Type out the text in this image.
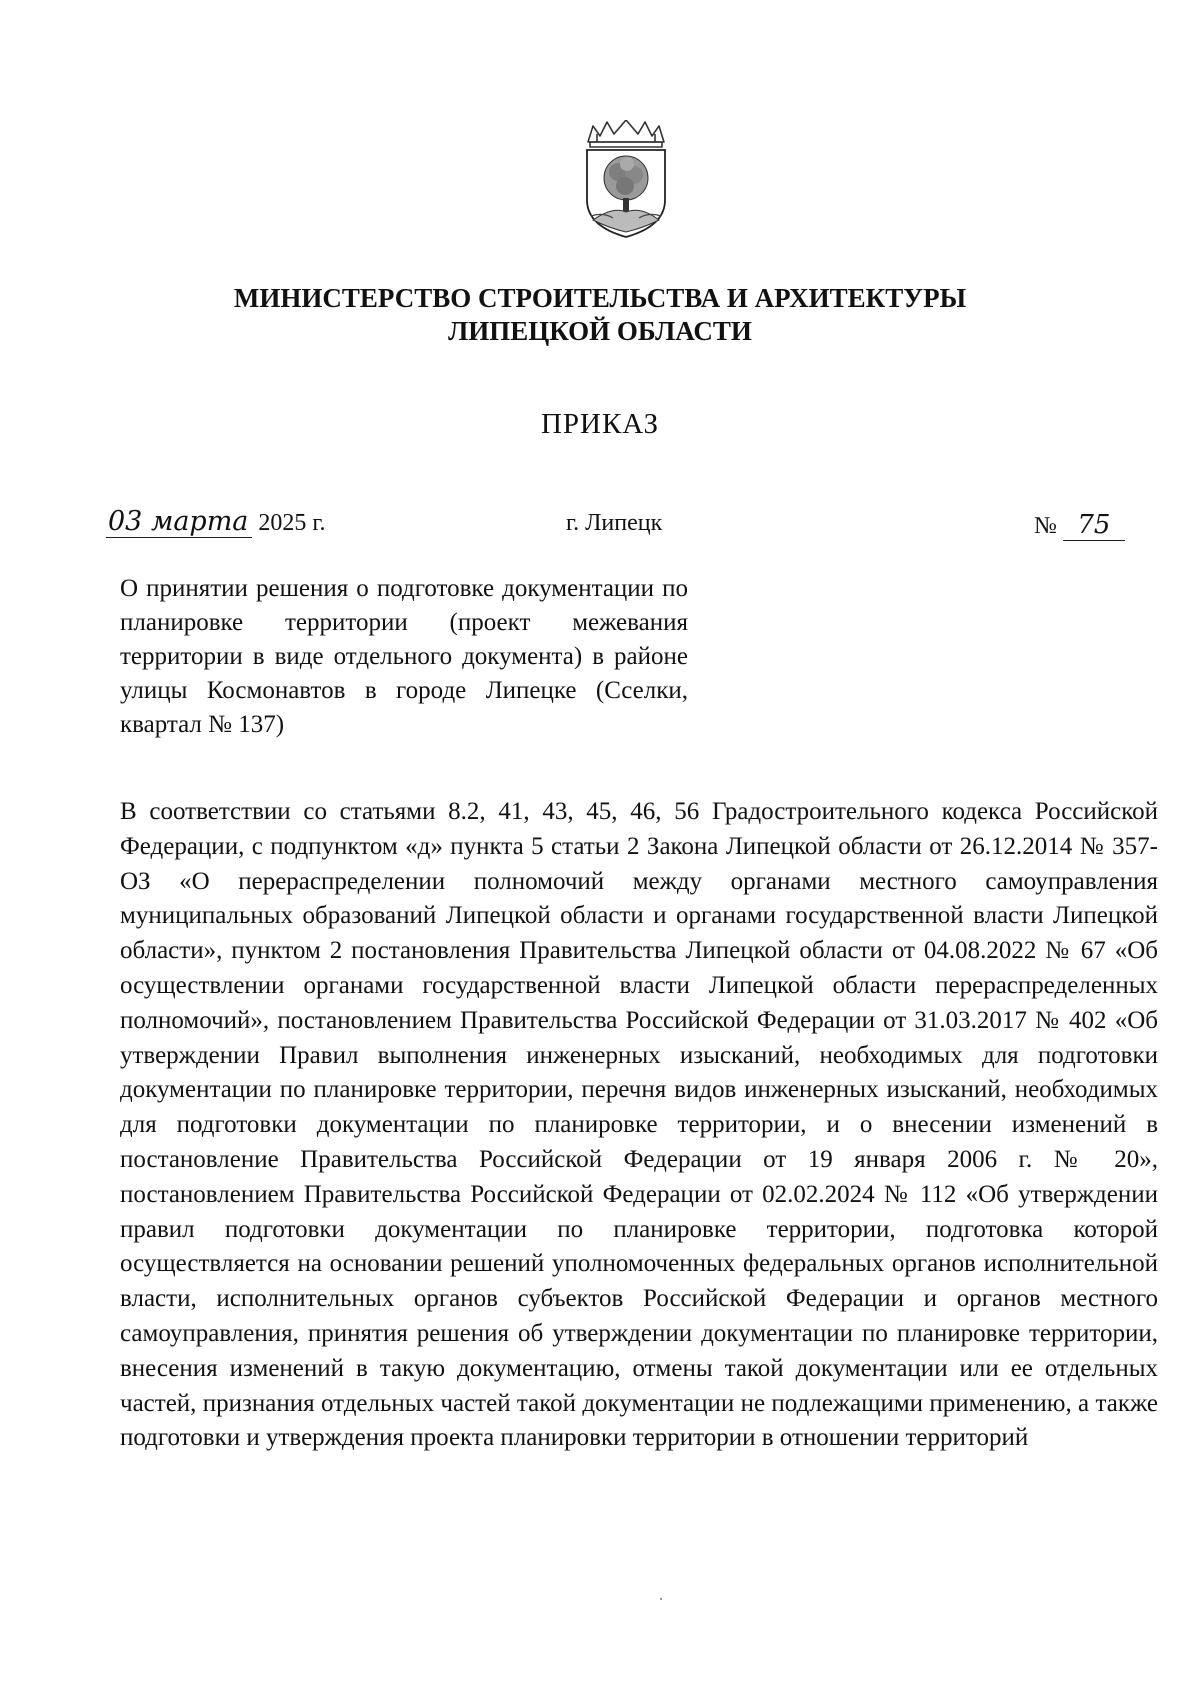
МИНИСТЕРСТВО СТРОИТЕЛЬСТВА И АРХИТЕКТУРЫ
ЛИПЕЦКОЙ ОБЛАСТИ
ПРИКАЗ
03 марта 2025 г.	г. Липецк	№ 75
О принятии решения о подготовке документации по планировке территории (проект межевания территории в виде отдельного документа) в районе улицы Космонавтов в городе Липецке (Сселки, квартал № 137)
В соответствии со статьями 8.2, 41, 43, 45, 46, 56 Градостроительного кодекса Российской Федерации, с подпунктом «д» пункта 5 статьи 2 Закона Липецкой области от 26.12.2014 № 357-ОЗ «О перераспределении полномочий между органами местного самоуправления муниципальных образований Липецкой области и органами государственной власти Липецкой области», пунктом 2 постановления Правительства Липецкой области от 04.08.2022 № 67 «Об осуществлении органами государственной власти Липецкой области перераспределенных полномочий», постановлением Правительства Российской Федерации от 31.03.2017 № 402 «Об утверждении Правил выполнения инженерных изысканий, необходимых для подготовки документации по планировке территории, перечня видов инженерных изысканий, необходимых для подготовки документации по планировке территории, и о внесении изменений в постановление Правительства Российской Федерации от 19 января 2006 г. № 20», постановлением Правительства Российской Федерации от 02.02.2024 № 112 «Об утверждении правил подготовки документации по планировке территории, подготовка которой осуществляется на основании решений уполномоченных федеральных органов исполнительной власти, исполнительных органов субъектов Российской Федерации и органов местного самоуправления, принятия решения об утверждении документации по планировке территории, внесения изменений в такую документацию, отмены такой документации или ее отдельных частей, признания отдельных частей такой документации не подлежащими применению, а также подготовки и утверждения проекта планировки территории в отношении территорий
